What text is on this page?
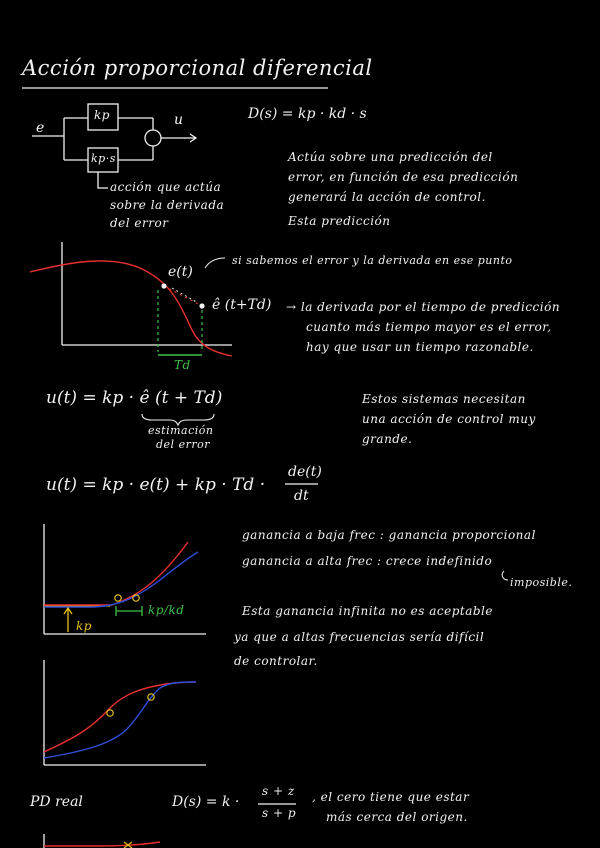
Acción proporcional diferencial
e
kp
kp·s
u	D(s) = kp · kd · s
acción que actúa
sobre la derivada
del error
Actúa sobre una predicción del
error, en función de esa predicción
generará la acción de control.
Esta predicción
e(t)
ê (t+Td)
Td
si sabemos el error y la derivada en ese punto
→ la derivada por el tiempo de predicción
cuanto más tiempo mayor es el error,
hay que usar un tiempo razonable.
u(t) = kp · ê (t + Td)
estimación
del error
Estos sistemas necesitan
una acción de control muy
grande.
u(t) = kp · e(t) + kp · Td ·
de(t)
dt
kp
kp/kd
ganancia a baja frec : ganancia proporcional
ganancia a alta frec : crece indefinido
imposible.
Esta ganancia infinita no es aceptable
ya que a altas frecuencias sería difícil
de controlar.
PD real	D(s) = k ·
s + z
s + p
, el cero tiene que estar
más cerca del origen.
